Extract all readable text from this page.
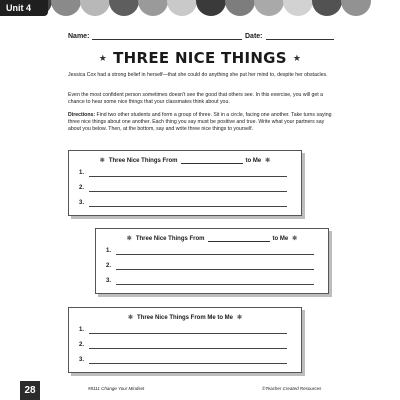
Unit 4
Name:	Date:
★ THREE NICE THINGS ★

Jessica Cox had a strong belief in herself—that she could do anything she put her mind to, despite her obstacles.

Even the most confident person sometimes doesn't see the good that others see. In this exercise, you will get a chance to hear some nice things that your classmates think about you.

Directions: Find two other students and form a group of three. Sit in a circle, facing one another. Take turns saying three nice things about one another. Each thing you say must be positive and true. Write what your partners say about you below. Then, at the bottom, say and write three nice things to yourself.

✱ Three Nice Things From	to Me ✱
1.
2.
3.
✱ Three Nice Things From	to Me ✱
1.
2.
3.
✱ Three Nice Things From Me to Me ✱
1.
2.
3.
28	#8111 Change Your Mindset	©Teacher Created Resources
